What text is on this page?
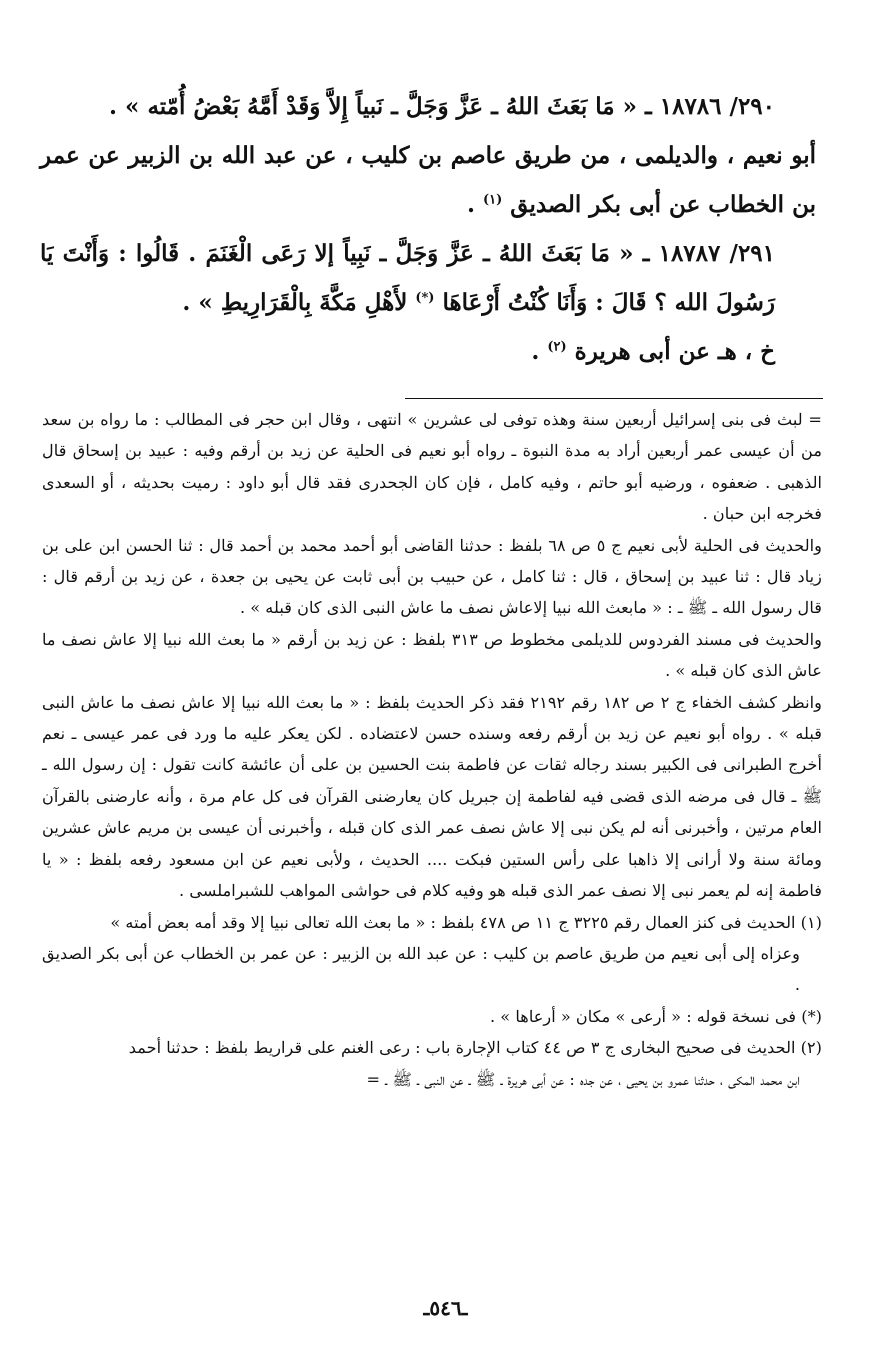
٢٩٠/ ١٨٧٨٦ ـ « مَا بَعَثَ اللهُ ـ عَزَّ وَجَلَّ ـ نَبياً إِلاَّ وَقَدْ أَمَّهُ بَعْضُ أُمّته » .

أبو نعيم ، والديلمى ، من طريق عاصم بن كليب ، عن عبد الله بن الزبير عن عمر بن الخطاب عن أبى بكر الصديق $^{(١)}$ .

٢٩١/ ١٨٧٨٧ ـ « مَا بَعَثَ اللهُ ـ عَزَّ وَجَلَّ ـ نَبِياً إلا رَعَى الْغَنَمَ . قَالُوا : وَأَنْتَ يَا رَسُولَ الله ؟ قَالَ : وَأَنَا كُنْتُ أَرْعَاهَا (*) لأَهْلِ مَكَّةَ بِالْقَرَارِيطِ » .

خ ، هـ عن أبى هريرة $^{(٢)}$ .

= لبث فى بنى إسرائيل أربعين سنة وهذه توفى لى عشرين » انتهى ، وقال ابن حجر فى المطالب : ما رواه بن سعد من أن عيسى عمر أربعين أراد به مدة النبوة ـ رواه أبو نعيم فى الحلية عن زيد بن أرقم وفيه : عبيد بن إسحاق قال الذهبى . ضعفوه ، ورضيه أبو حاتم ، وفيه كامل ، فإن كان الجحدرى فقد قال أبو داود : رميت بحديثه ، أو السعدى فخرجه ابن حبان .

والحديث فى الحلية لأبى نعيم ج ٥ ص ٦٨ بلفظ : حدثنا القاضى أبو أحمد محمد بن أحمد قال : ثنا الحسن ابن على بن زياد قال : ثنا عبيد بن إسحاق ، قال : ثنا كامل ، عن حبيب بن أبى ثابت عن يحيى بن جعدة ، عن زيد بن أرقم قال : قال رسول الله ـ ﷺ ـ : « مابعث الله نبيا إلاعاش نصف ما عاش النبى الذى كان قبله » .

والحديث فى مسند الفردوس للديلمى مخطوط ص ٣١٣ بلفظ : عن زيد بن أرقم « ما بعث الله نبيا إلا عاش نصف ما عاش الذى كان قبله » .

وانظر كشف الخفاء ج ٢ ص ١٨٢ رقم ٢١٩٢ فقد ذكر الحديث بلفظ : « ما بعث الله نبيا إلا عاش نصف ما عاش النبى قبله » . رواه أبو نعيم عن زيد بن أرقم رفعه وسنده حسن لاعتضاده . لكن يعكر عليه ما ورد فى عمر عيسى ـ نعم أخرج الطبرانى فى الكبير بسند رجاله ثقات عن فاطمة بنت الحسين بن على أن عائشة كانت تقول : إن رسول الله ـ ﷺ ـ قال فى مرضه الذى قضى فيه لفاطمة إن جبريل كان يعارضنى القرآن فى كل عام مرة ، وأنه عارضنى بالقرآن العام مرتين ، وأخبرنى أنه لم يكن نبى إلا عاش نصف عمر الذى كان قبله ، وأخبرنى أن عيسى بن مريم عاش عشرين ومائة سنة ولا أرانى إلا ذاهبا على رأس الستين فبكت .... الحديث ، ولأبى نعيم عن ابن مسعود رفعه بلفظ : « يا فاطمة إنه لم يعمر نبى إلا نصف عمر الذى قبله هو وفيه كلام فى حواشى المواهب للشبراملسى .

(١) الحديث فى كنز العمال رقم ٣٢٢٥ ج ١١ ص ٤٧٨ بلفظ : « ما بعث الله تعالى نبيا إلا وقد أمه بعض أمته »

وعزاه إلى أبى نعيم من طريق عاصم بن كليب : عن عبد الله بن الزبير : عن عمر بن الخطاب عن أبى بكر الصديق .

(*) فى نسخة قوله : « أرعى » مكان « أرعاها » .

(٢) الحديث فى صحيح البخارى ج ٣ ص ٤٤ كتاب الإجارة باب : رعى الغنم على قراريط بلفظ : حدثنا أحمد

ابن محمد المكى ، حدثنا عمرو بن يحيى ، عن جده : عن أبى هريرة ـ ﷺ ـ عن النبى ـ ﷺ ـ =

ـ٥٤٦ـ
